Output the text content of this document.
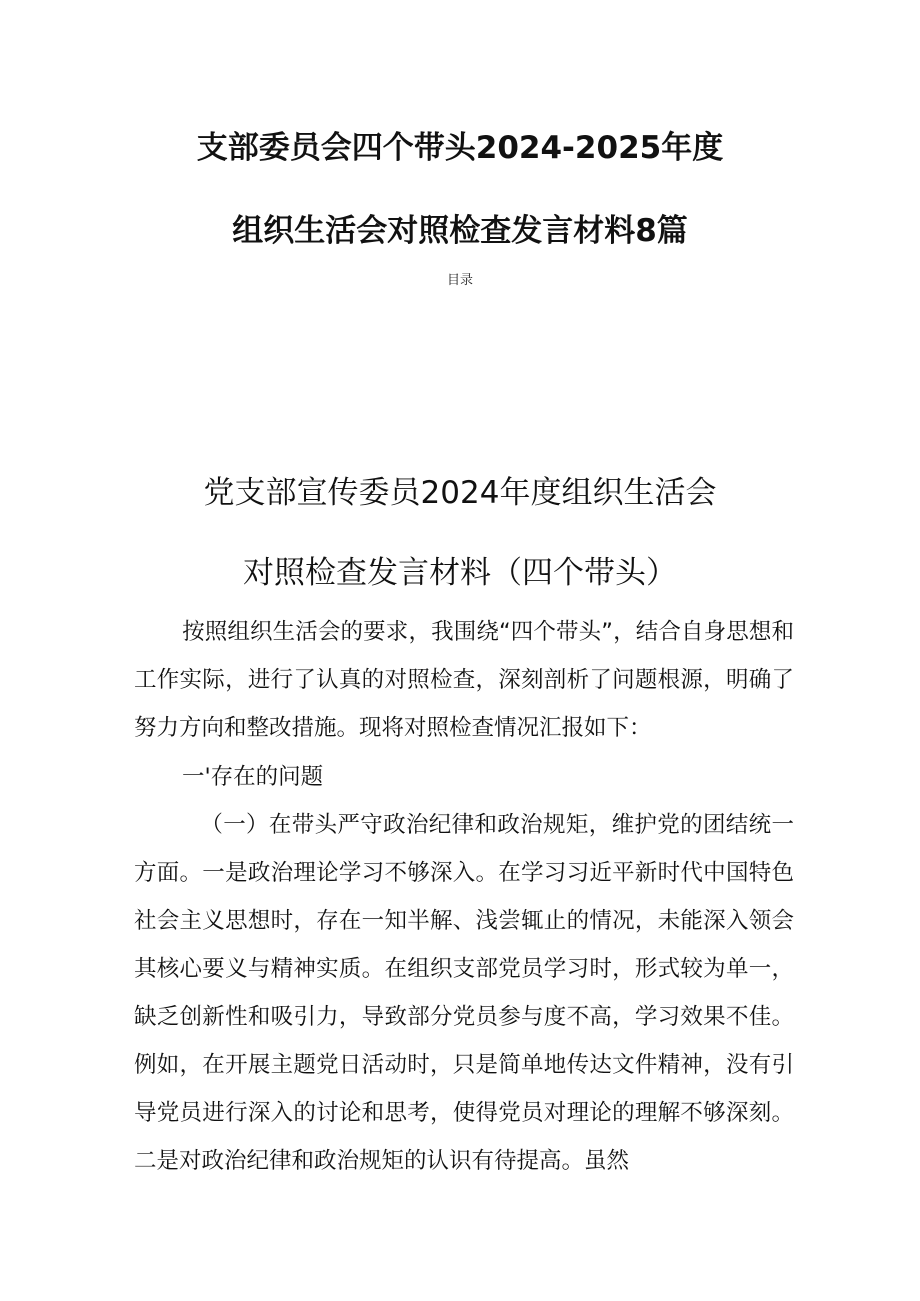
支部委员会四个带头2024-2025年度
组织生活会对照检查发言材料8篇
目录
党支部宣传委员2024年度组织生活会
对照检查发言材料（四个带头）
按照组织生活会的要求，我围绕“四个带头”，结合自身思想和工作实际，进行了认真的对照检查，深刻剖析了问题根源，明确了努力方向和整改措施。现将对照检查情况汇报如下：
一'存在的问题
（一）在带头严守政治纪律和政治规矩，维护党的团结统一方面。一是政治理论学习不够深入。在学习习近平新时代中国特色社会主义思想时，存在一知半解、浅尝辄止的情况，未能深入领会其核心要义与精神实质。在组织支部党员学习时，形式较为单一，缺乏创新性和吸引力，导致部分党员参与度不高，学习效果不佳。例如，在开展主题党日活动时，只是简单地传达文件精神，没有引导党员进行深入的讨论和思考，使得党员对理论的理解不够深刻。二是对政治纪律和政治规矩的认识有待提高。虽然
